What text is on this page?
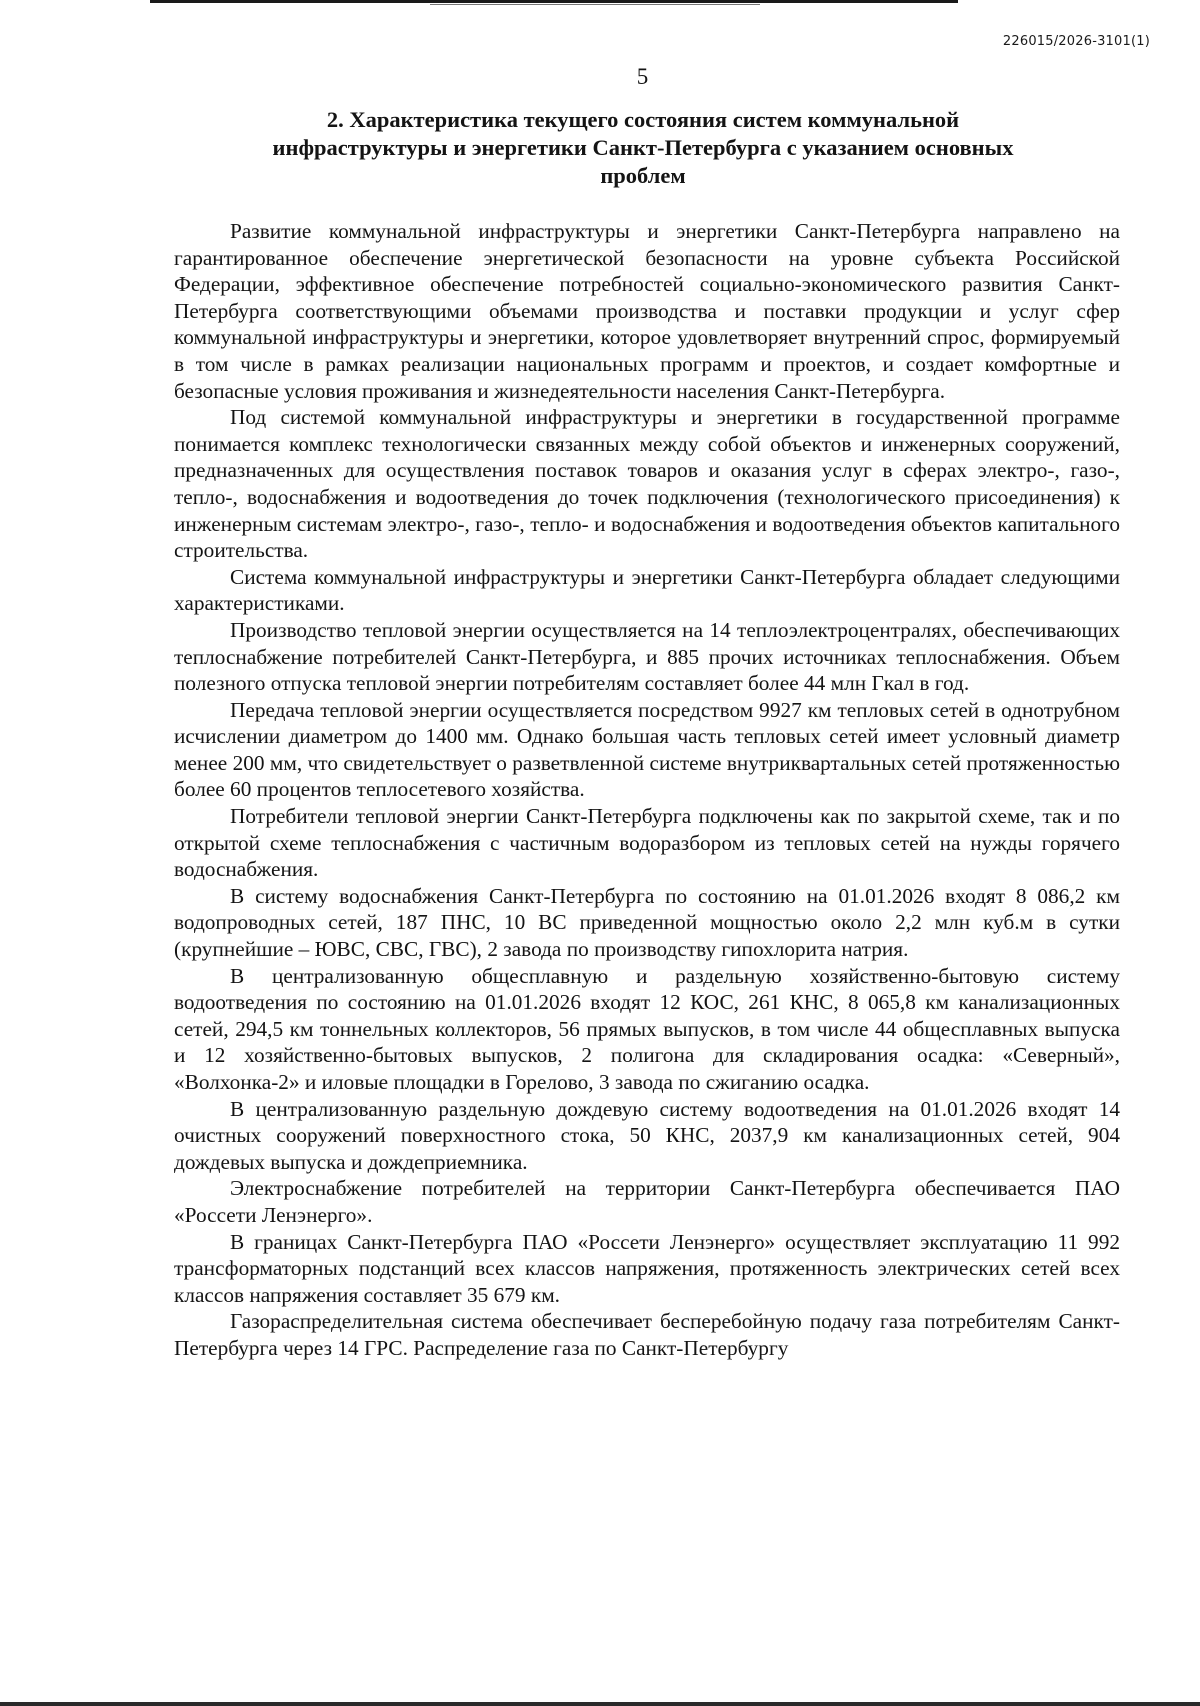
226015/2026-3101(1)
5
2. Характеристика текущего состояния систем коммунальной инфраструктуры и энергетики Санкт-Петербурга с указанием основных проблем

Развитие коммунальной инфраструктуры и энергетики Санкт-Петербурга направлено на гарантированное обеспечение энергетической безопасности на уровне субъекта Российской Федерации, эффективное обеспечение потребностей социально-экономического развития Санкт-Петербурга соответствующими объемами производства и поставки продукции и услуг сфер коммунальной инфраструктуры и энергетики, которое удовлетворяет внутренний спрос, формируемый в том числе в рамках реализации национальных программ и проектов, и создает комфортные и безопасные условия проживания и жизнедеятельности населения Санкт-Петербурга.

Под системой коммунальной инфраструктуры и энергетики в государственной программе понимается комплекс технологически связанных между собой объектов и инженерных сооружений, предназначенных для осуществления поставок товаров и оказания услуг в сферах электро-, газо-, тепло-, водоснабжения и водоотведения до точек подключения (технологического присоединения) к инженерным системам электро-, газо-, тепло- и водоснабжения и водоотведения объектов капитального строительства.

Система коммунальной инфраструктуры и энергетики Санкт-Петербурга обладает следующими характеристиками.

Производство тепловой энергии осуществляется на 14 теплоэлектроцентралях, обеспечивающих теплоснабжение потребителей Санкт-Петербурга, и 885 прочих источниках теплоснабжения. Объем полезного отпуска тепловой энергии потребителям составляет более 44 млн Гкал в год.

Передача тепловой энергии осуществляется посредством 9927 км тепловых сетей в однотрубном исчислении диаметром до 1400 мм. Однако большая часть тепловых сетей имеет условный диаметр менее 200 мм, что свидетельствует о разветвленной системе внутриквартальных сетей протяженностью более 60 процентов теплосетевого хозяйства.

Потребители тепловой энергии Санкт-Петербурга подключены как по закрытой схеме, так и по открытой схеме теплоснабжения с частичным водоразбором из тепловых сетей на нужды горячего водоснабжения.

В систему водоснабжения Санкт-Петербурга по состоянию на 01.01.2026 входят 8 086,2 км водопроводных сетей, 187 ПНС, 10 ВС приведенной мощностью около 2,2 млн куб.м в сутки (крупнейшие – ЮВС, СВС, ГВС), 2 завода по производству гипохлорита натрия.

В централизованную общесплавную и раздельную хозяйственно-бытовую систему водоотведения по состоянию на 01.01.2026 входят 12 КОС, 261 КНС, 8 065,8 км канализационных сетей, 294,5 км тоннельных коллекторов, 56 прямых выпусков, в том числе 44 общесплавных выпуска и 12 хозяйственно-бытовых выпусков, 2 полигона для складирования осадка: «Северный», «Волхонка-2» и иловые площадки в Горелово, 3 завода по сжиганию осадка.

В централизованную раздельную дождевую систему водоотведения на 01.01.2026 входят 14 очистных сооружений поверхностного стока, 50 КНС, 2037,9 км канализационных сетей, 904 дождевых выпуска и дождеприемника.

Электроснабжение потребителей на территории Санкт-Петербурга обеспечивается ПАО «Россети Ленэнерго».

В границах Санкт-Петербурга ПАО «Россети Ленэнерго» осуществляет эксплуатацию 11 992 трансформаторных подстанций всех классов напряжения, протяженность электрических сетей всех классов напряжения составляет 35 679 км.

Газораспределительная система обеспечивает бесперебойную подачу газа потребителям Санкт-Петербурга через 14 ГРС. Распределение газа по Санкт-Петербургу
